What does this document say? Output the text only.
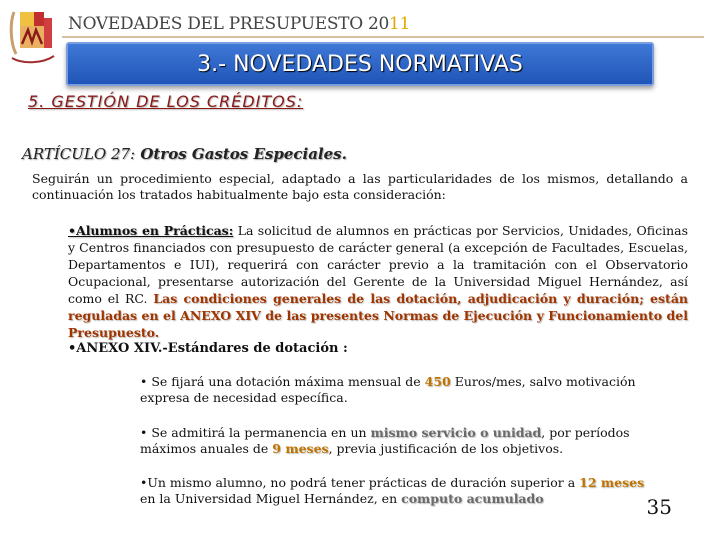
NOVEDADES DEL PRESUPUESTO 2011
3.- NOVEDADES NORMATIVAS
5. GESTIÓN DE LOS CRÉDITOS:
ARTÍCULO 27: Otros Gastos Especiales.

Seguirán un procedimiento especial, adaptado a las particularidades de los mismos, detallando a continuación los tratados habitualmente bajo esta consideración:

•Alumnos en Prácticas: La solicitud de alumnos en prácticas por Servicios, Unidades, Oficinas y Centros financiados con presupuesto de carácter general (a excepción de Facultades, Escuelas, Departamentos e IUI), requerirá con carácter previo a la tramitación con el Observatorio Ocupacional, presentarse autorización del Gerente de la Universidad Miguel Hernández, así como el RC. Las condiciones generales de las dotación, adjudicación y duración; están reguladas en el ANEXO XIV de las presentes Normas de Ejecución y Funcionamiento del Presupuesto.

•ANEXO XIV.-Estándares de dotación :

• Se fijará una dotación máxima mensual de 450 Euros/mes, salvo motivación expresa de necesidad específica.

• Se admitirá la permanencia en un mismo servicio o unidad, por períodos máximos anuales de 9 meses, previa justificación de los objetivos.

•Un mismo alumno, no podrá tener prácticas de duración superior a 12 meses en la Universidad Miguel Hernández, en computo acumulado	35
